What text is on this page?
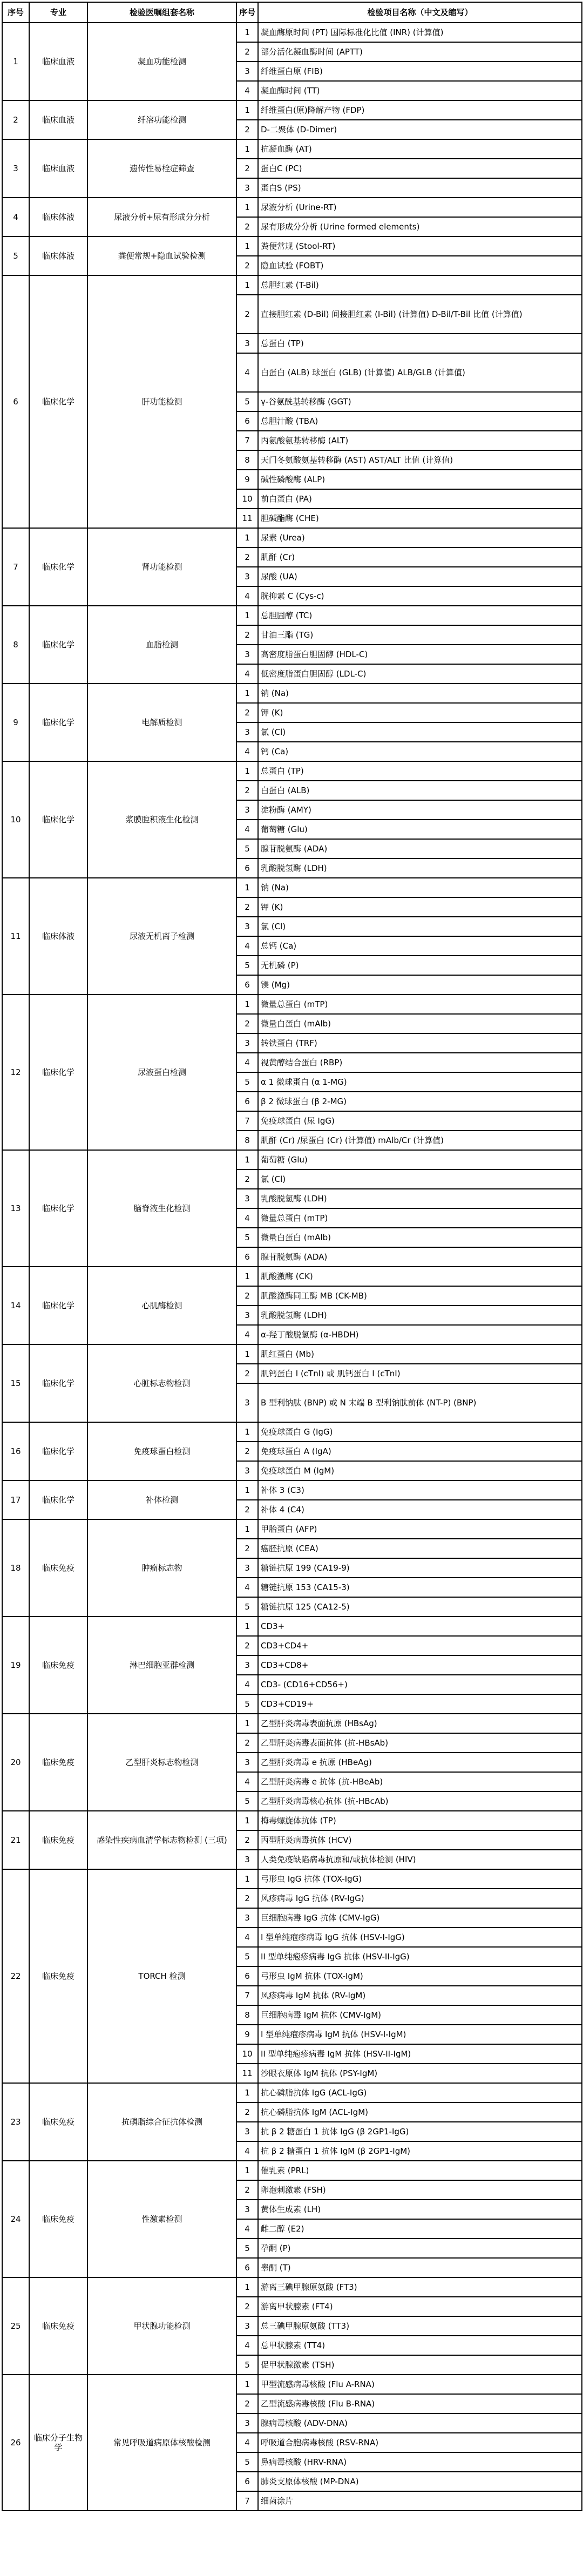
序号	专业	检验医嘱组套名称	序号	检验项目名称（中文及缩写）
1	临床血液	凝血功能检测	1	凝血酶原时间 (PT) 国际标准化比值 (INR) (计算值)
			2	部分活化凝血酶时间 (APTT)
			3	纤维蛋白原 (FIB)
			4	凝血酶时间 (TT)
2	临床血液	纤溶功能检测	1	纤维蛋白(原)降解产物 (FDP)
			2	D-二聚体 (D-Dimer)
3	临床血液	遗传性易栓症筛查	1	抗凝血酶 (AT)
			2	蛋白C (PC)
			3	蛋白S (PS)
4	临床体液	尿液分析+尿有形成分分析	1	尿液分析 (Urine-RT)
			2	尿有形成分分析 (Urine formed elements)
5	临床体液	粪便常规+隐血试验检测	1	粪便常规 (Stool-RT)
			2	隐血试验 (FOBT)
6	临床化学	肝功能检测	1	总胆红素 (T-Bil)
			2	直接胆红素 (D-Bil) 间接胆红素 (I-Bil) (计算值) D-Bil/T-Bil 比值 (计算值)
			3	总蛋白 (TP)
			4	白蛋白 (ALB) 球蛋白 (GLB) (计算值) ALB/GLB (计算值)
			5	γ-谷氨酰基转移酶 (GGT)
			6	总胆汁酸 (TBA)
			7	丙氨酸氨基转移酶 (ALT)
			8	天门冬氨酸氨基转移酶 (AST) AST/ALT 比值 (计算值)
			9	碱性磷酸酶 (ALP)
			10	前白蛋白 (PA)
			11	胆碱酯酶 (CHE)
7	临床化学	肾功能检测	1	尿素 (Urea)
			2	肌酐 (Cr)
			3	尿酸 (UA)
			4	胱抑素 C (Cys-c)
8	临床化学	血脂检测	1	总胆固醇 (TC)
			2	甘油三酯 (TG)
			3	高密度脂蛋白胆固醇 (HDL-C)
			4	低密度脂蛋白胆固醇 (LDL-C)
9	临床化学	电解质检测	1	钠 (Na)
			2	钾 (K)
			3	氯 (Cl)
			4	钙 (Ca)
10	临床化学	浆膜腔积液生化检测	1	总蛋白 (TP)
			2	白蛋白 (ALB)
			3	淀粉酶 (AMY)
			4	葡萄糖 (Glu)
			5	腺苷脱氨酶 (ADA)
			6	乳酸脱氢酶 (LDH)
11	临床体液	尿液无机离子检测	1	钠 (Na)
			2	钾 (K)
			3	氯 (Cl)
			4	总钙 (Ca)
			5	无机磷 (P)
			6	镁 (Mg)
12	临床化学	尿液蛋白检测	1	微量总蛋白 (mTP)
			2	微量白蛋白 (mAlb)
			3	转铁蛋白 (TRF)
			4	视黄醇结合蛋白 (RBP)
			5	α 1 微球蛋白 (α 1-MG)
			6	β 2 微球蛋白 (β 2-MG)
			7	免疫球蛋白 (尿 IgG)
			8	肌酐 (Cr) /尿蛋白 (Cr) (计算值) mAlb/Cr (计算值)
13	临床化学	脑脊液生化检测	1	葡萄糖 (Glu)
			2	氯 (Cl)
			3	乳酸脱氢酶 (LDH)
			4	微量总蛋白 (mTP)
			5	微量白蛋白 (mAlb)
			6	腺苷脱氨酶 (ADA)
14	临床化学	心肌酶检测	1	肌酸激酶 (CK)
			2	肌酸激酶同工酶 MB (CK-MB)
			3	乳酸脱氢酶 (LDH)
			4	α-羟丁酸脱氢酶 (α-HBDH)
15	临床化学	心脏标志物检测	1	肌红蛋白 (Mb)
			2	肌钙蛋白 I (cTnI) 或 肌钙蛋白 I (cTnI)
			3	B 型利钠肽 (BNP) 或 N 末端 B 型利钠肽前体 (NT-P) (BNP)
16	临床化学	免疫球蛋白检测	1	免疫球蛋白 G (IgG)
			2	免疫球蛋白 A (IgA)
			3	免疫球蛋白 M (IgM)
17	临床化学	补体检测	1	补体 3 (C3)
			2	补体 4 (C4)
18	临床免疫	肿瘤标志物	1	甲胎蛋白 (AFP)
			2	癌胚抗原 (CEA)
			3	糖链抗原 199 (CA19-9)
			4	糖链抗原 153 (CA15-3)
			5	糖链抗原 125 (CA12-5)
19	临床免疫	淋巴细胞亚群检测	1	CD3+
			2	CD3+CD4+
			3	CD3+CD8+
			4	CD3- (CD16+CD56+)
			5	CD3+CD19+
20	临床免疫	乙型肝炎标志物检测	1	乙型肝炎病毒表面抗原 (HBsAg)
			2	乙型肝炎病毒表面抗体 (抗-HBsAb)
			3	乙型肝炎病毒 e 抗原 (HBeAg)
			4	乙型肝炎病毒 e 抗体 (抗-HBeAb)
			5	乙型肝炎病毒核心抗体 (抗-HBcAb)
21	临床免疫	感染性疾病血清学标志物检测 (三项)	1	梅毒螺旋体抗体 (TP)
			2	丙型肝炎病毒抗体 (HCV)
			3	人类免疫缺陷病毒抗原和/或抗体检测 (HIV)
22	临床免疫	TORCH 检测	1	弓形虫 IgG 抗体 (TOX-IgG)
			2	风疹病毒 IgG 抗体 (RV-IgG)
			3	巨细胞病毒 IgG 抗体 (CMV-IgG)
			4	I 型单纯疱疹病毒 IgG 抗体 (HSV-I-IgG)
			5	II 型单纯疱疹病毒 IgG 抗体 (HSV-II-IgG)
			6	弓形虫 IgM 抗体 (TOX-IgM)
			7	风疹病毒 IgM 抗体 (RV-IgM)
			8	巨细胞病毒 IgM 抗体 (CMV-IgM)
			9	I 型单纯疱疹病毒 IgM 抗体 (HSV-I-IgM)
			10	II 型单纯疱疹病毒 IgM 抗体 (HSV-II-IgM)
			11	沙眼衣原体 IgM 抗体 (PSY-IgM)
23	临床免疫	抗磷脂综合征抗体检测	1	抗心磷脂抗体 IgG (ACL-IgG)
			2	抗心磷脂抗体 IgM (ACL-IgM)
			3	抗 β 2 糖蛋白 1 抗体 IgG (β 2GP1-IgG)
			4	抗 β 2 糖蛋白 1 抗体 IgM (β 2GP1-IgM)
24	临床免疫	性激素检测	1	催乳素 (PRL)
			2	卵泡刺激素 (FSH)
			3	黄体生成素 (LH)
			4	雌二醇 (E2)
			5	孕酮 (P)
			6	睾酮 (T)
25	临床免疫	甲状腺功能检测	1	游离三碘甲腺原氨酸 (FT3)
			2	游离甲状腺素 (FT4)
			3	总三碘甲腺原氨酸 (TT3)
			4	总甲状腺素 (TT4)
			5	促甲状腺激素 (TSH)
26	临床分子生物学	常见呼吸道病原体核酸检测	1	甲型流感病毒核酸 (Flu A-RNA)
			2	乙型流感病毒核酸 (Flu B-RNA)
			3	腺病毒核酸 (ADV-DNA)
			4	呼吸道合胞病毒核酸 (RSV-RNA)
			5	鼻病毒核酸 (HRV-RNA)
			6	肺炎支原体核酸 (MP-DNA)
			7	细菌涂片
